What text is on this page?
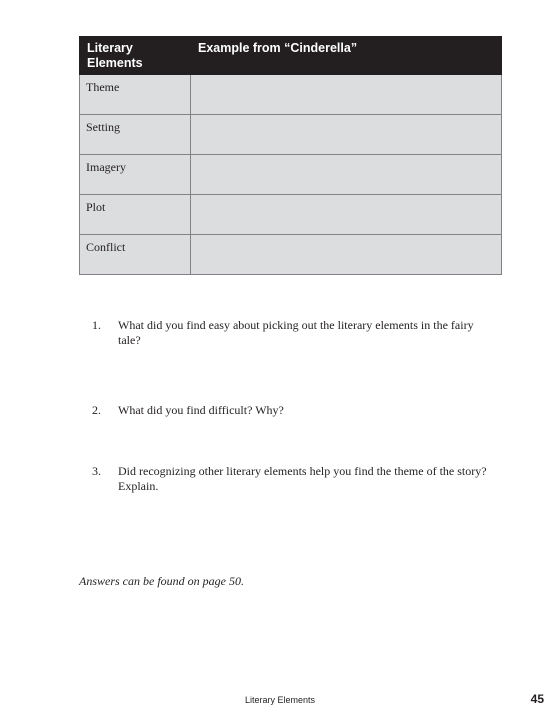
Literary Elements	Example from “Cinderella”
Theme	
Setting	
Imagery	
Plot	
Conflict	
1.	What did you find easy about picking out the literary elements in the fairy tale?
2.	What did you find difficult? Why?
3.	Did recognizing other literary elements help you find the theme of the story? Explain.
Answers can be found on page 50.
Literary Elements	45
